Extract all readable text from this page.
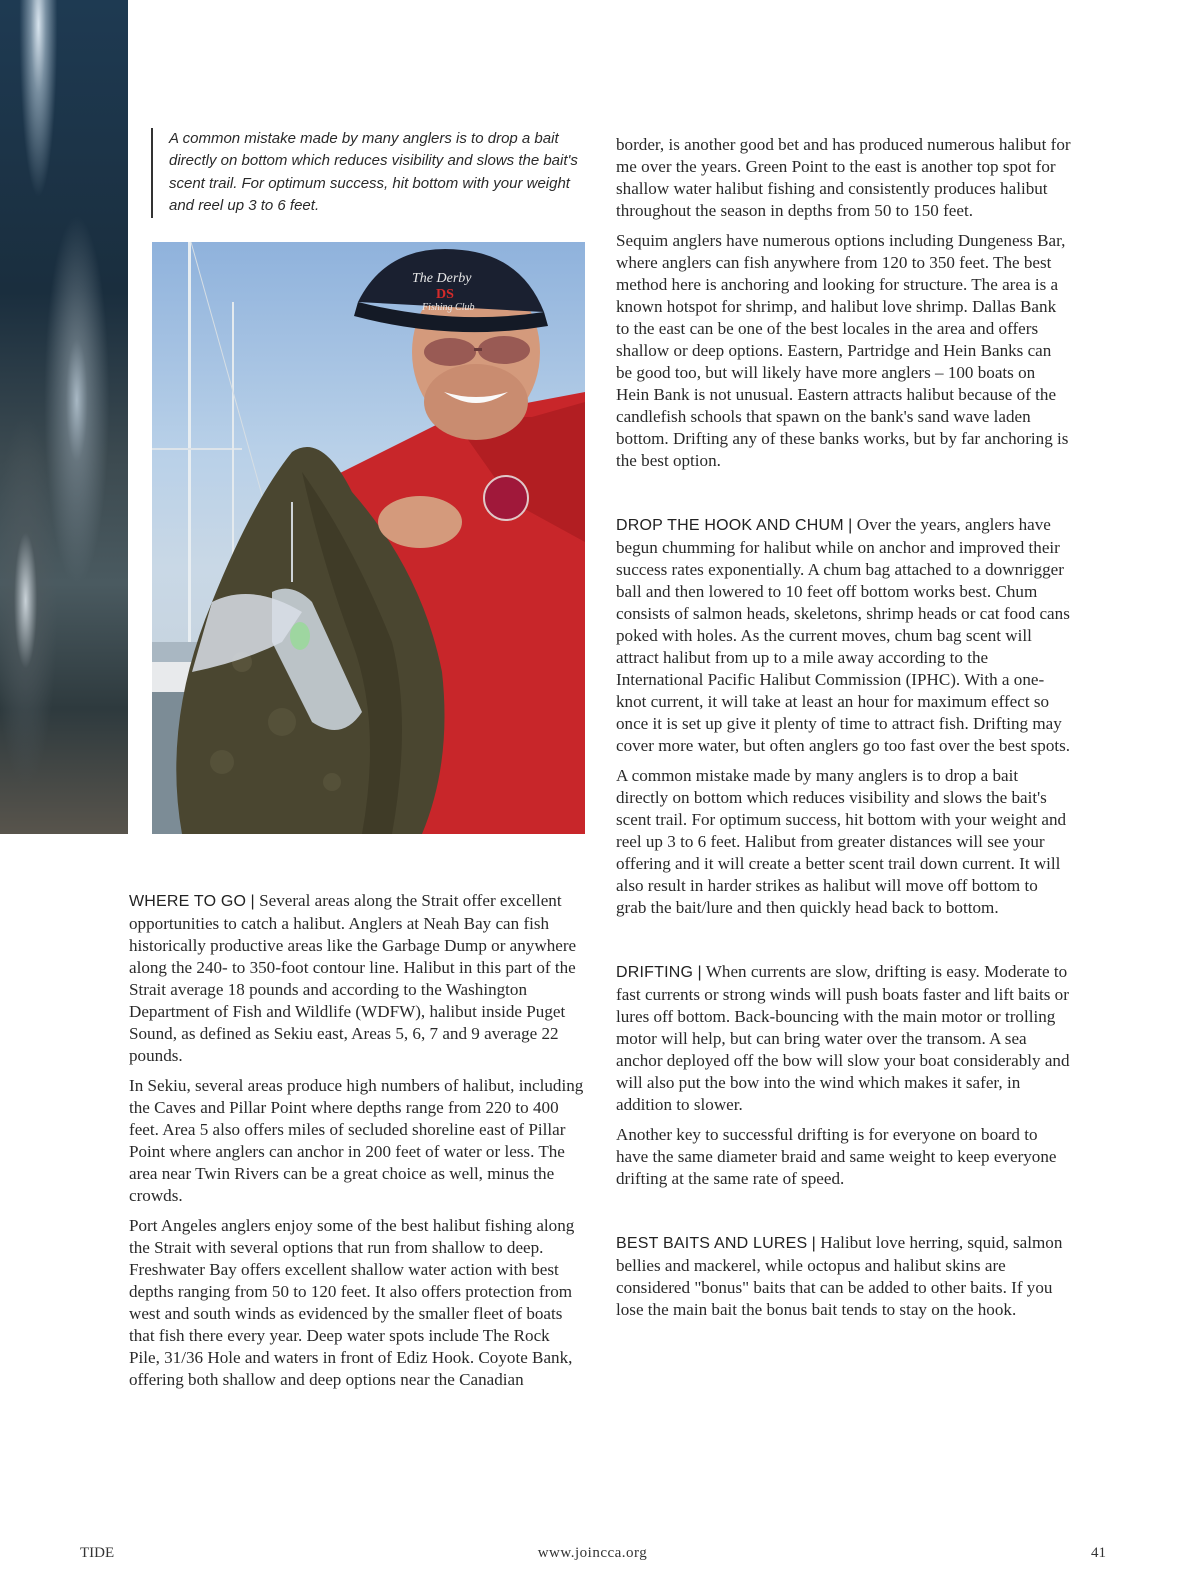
A common mistake made by many anglers is to drop a bait directly on bottom which reduces visibility and slows the bait's scent trail. For optimum success, hit bottom with your weight and reel up 3 to 6 feet.

The Derby
DS
Fishing Club

WHERE TO GO | Several areas along the Strait offer excellent opportunities to catch a halibut. Anglers at Neah Bay can fish historically productive areas like the Garbage Dump or anywhere along the 240- to 350-foot contour line. Halibut in this part of the Strait average 18 pounds and according to the Washington Department of Fish and Wildlife (WDFW), halibut inside Puget Sound, as defined as Sekiu east, Areas 5, 6, 7 and 9 average 22 pounds.

In Sekiu, several areas produce high numbers of halibut, including the Caves and Pillar Point where depths range from 220 to 400 feet. Area 5 also offers miles of secluded shoreline east of Pillar Point where anglers can anchor in 200 feet of water or less. The area near Twin Rivers can be a great choice as well, minus the crowds.

Port Angeles anglers enjoy some of the best halibut fishing along the Strait with several options that run from shallow to deep. Freshwater Bay offers excellent shallow water action with best depths ranging from 50 to 120 feet. It also offers protection from west and south winds as evidenced by the smaller fleet of boats that fish there every year. Deep water spots include The Rock Pile, 31/36 Hole and waters in front of Ediz Hook. Coyote Bank, offering both shallow and deep options near the Canadian

border, is another good bet and has produced numerous halibut for me over the years. Green Point to the east is another top spot for shallow water halibut fishing and consistently produces halibut throughout the season in depths from 50 to 150 feet.

Sequim anglers have numerous options including Dungeness Bar, where anglers can fish anywhere from 120 to 350 feet. The best method here is anchoring and looking for structure. The area is a known hotspot for shrimp, and halibut love shrimp. Dallas Bank to the east can be one of the best locales in the area and offers shallow or deep options. Eastern, Partridge and Hein Banks can be good too, but will likely have more anglers – 100 boats on Hein Bank is not unusual. Eastern attracts halibut because of the candlefish schools that spawn on the bank's sand wave laden bottom. Drifting any of these banks works, but by far anchoring is the best option.

DROP THE HOOK AND CHUM | Over the years, anglers have begun chumming for halibut while on anchor and improved their success rates exponentially. A chum bag attached to a downrigger ball and then lowered to 10 feet off bottom works best. Chum consists of salmon heads, skeletons, shrimp heads or cat food cans poked with holes. As the current moves, chum bag scent will attract halibut from up to a mile away according to the International Pacific Halibut Commission (IPHC). With a one-knot current, it will take at least an hour for maximum effect so once it is set up give it plenty of time to attract fish. Drifting may cover more water, but often anglers go too fast over the best spots.

A common mistake made by many anglers is to drop a bait directly on bottom which reduces visibility and slows the bait's scent trail. For optimum success, hit bottom with your weight and reel up 3 to 6 feet. Halibut from greater distances will see your offering and it will create a better scent trail down current. It will also result in harder strikes as halibut will move off bottom to grab the bait/lure and then quickly head back to bottom.

DRIFTING | When currents are slow, drifting is easy. Moderate to fast currents or strong winds will push boats faster and lift baits or lures off bottom. Back-bouncing with the main motor or trolling motor will help, but can bring water over the transom. A sea anchor deployed off the bow will slow your boat considerably and will also put the bow into the wind which makes it safer, in addition to slower.

Another key to successful drifting is for everyone on board to have the same diameter braid and same weight to keep everyone drifting at the same rate of speed.

BEST BAITS AND LURES | Halibut love herring, squid, salmon bellies and mackerel, while octopus and halibut skins are considered "bonus" baits that can be added to other baits. If you lose the main bait the bonus bait tends to stay on the hook.

TIDE	www.joincca.org	41
